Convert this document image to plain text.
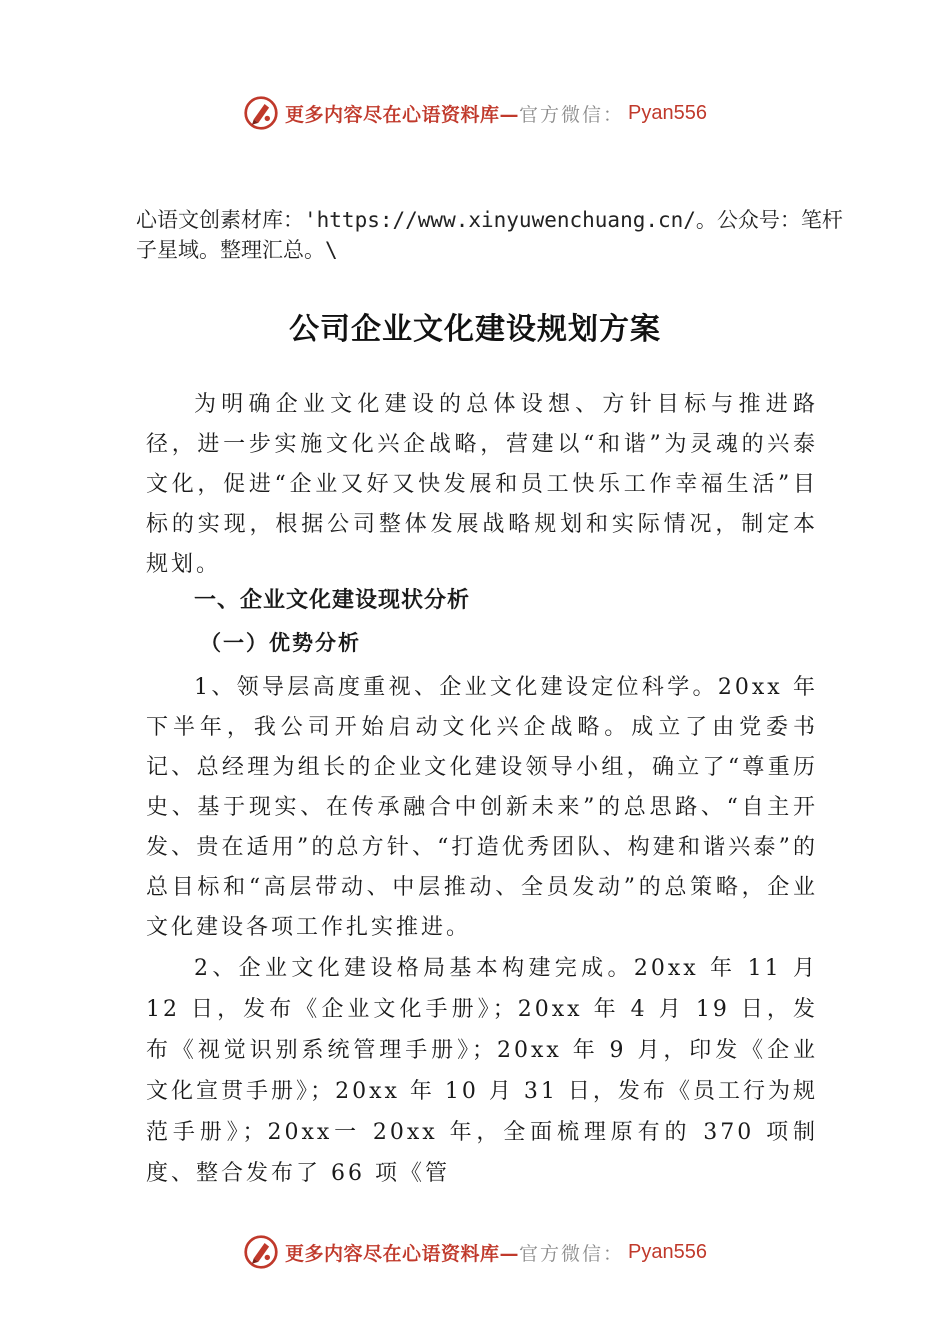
更多内容尽在心语资料库— 官方微信： Pyan556
心语文创素材库：'https://www.xinyuwenchuang.cn/。公众号：笔杆子星域。整理汇总。\
公司企业文化建设规划方案
为明确企业文化建设的总体设想、方针目标与推进路径，进一步实施文化兴企战略，营建以“和谐”为灵魂的兴泰文化，促进“企业又好又快发展和员工快乐工作幸福生活”目标的实现，根据公司整体发展战略规划和实际情况，制定本规划。
一、企业文化建设现状分析
（一）优势分析
1、领导层高度重视、企业文化建设定位科学。20xx 年下半年，我公司开始启动文化兴企战略。成立了由党委书记、总经理为组长的企业文化建设领导小组，确立了“尊重历史、基于现实、在传承融合中创新未来”的总思路、“自主开发、贵在适用”的总方针、“打造优秀团队、构建和谐兴泰”的总目标和“高层带动、中层推动、全员发动”的总策略，企业文化建设各项工作扎实推进。
2、企业文化建设格局基本构建完成。20xx 年 11 月 12 日，发布《企业文化手册》；20xx 年 4 月 19 日，发布《视觉识别系统管理手册》；20xx 年 9 月，印发《企业文化宣贯手册》；20xx 年 10 月 31 日，发布《员工行为规范手册》；20xx一 20xx 年，全面梳理原有的 370 项制度、整合发布了 66 项《管
更多内容尽在心语资料库— 官方微信： Pyan556
